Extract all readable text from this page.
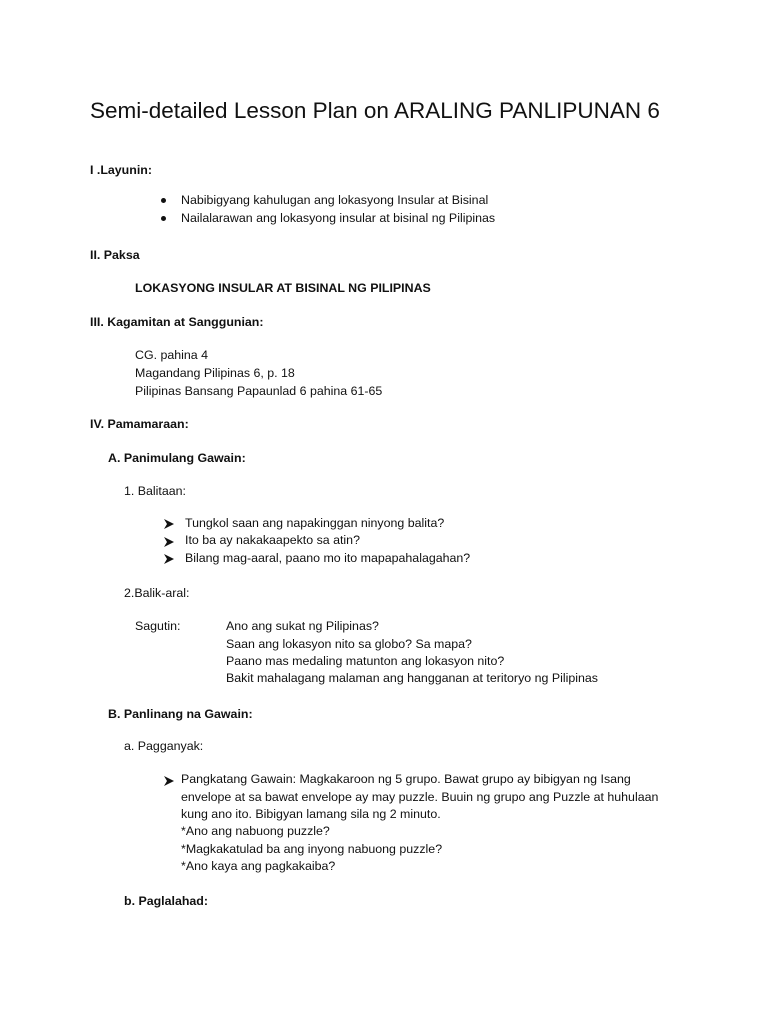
Semi-detailed Lesson Plan on ARALING PANLIPUNAN 6
I .Layunin:
Nabibigyang kahulugan ang lokasyong Insular at Bisinal
Nailalarawan ang lokasyong insular at bisinal ng Pilipinas
II. Paksa
LOKASYONG INSULAR AT BISINAL NG PILIPINAS
III. Kagamitan at Sanggunian:
CG. pahina 4
Magandang Pilipinas 6, p. 18
Pilipinas Bansang Papaunlad 6 pahina 61-65
IV. Pamamaraan:
A. Panimulang Gawain:
1. Balitaan:
Tungkol saan ang napakinggan ninyong balita?
Ito ba ay nakakaapekto sa atin?
Bilang mag-aaral, paano mo ito mapapahalagahan?
2.Balik-aral:
Sagutin:	Ano ang sukat ng Pilipinas?
Saan ang lokasyon nito sa globo? Sa mapa?
Paano mas medaling matunton ang lokasyon nito?
Bakit mahalagang malaman ang hangganan at teritoryo ng Pilipinas
B. Panlinang na Gawain:
a. Pagganyak:
Pangkatang Gawain: Magkakaroon ng 5 grupo. Bawat grupo ay bibigyan ng Isang
envelope at sa bawat envelope ay may puzzle. Buuin ng grupo ang Puzzle at huhulaan
kung ano ito. Bibigyan lamang sila ng 2 minuto.
*Ano ang nabuong puzzle?
*Magkakatulad ba ang inyong nabuong puzzle?
*Ano kaya ang pagkakaiba?
b. Paglalahad:
